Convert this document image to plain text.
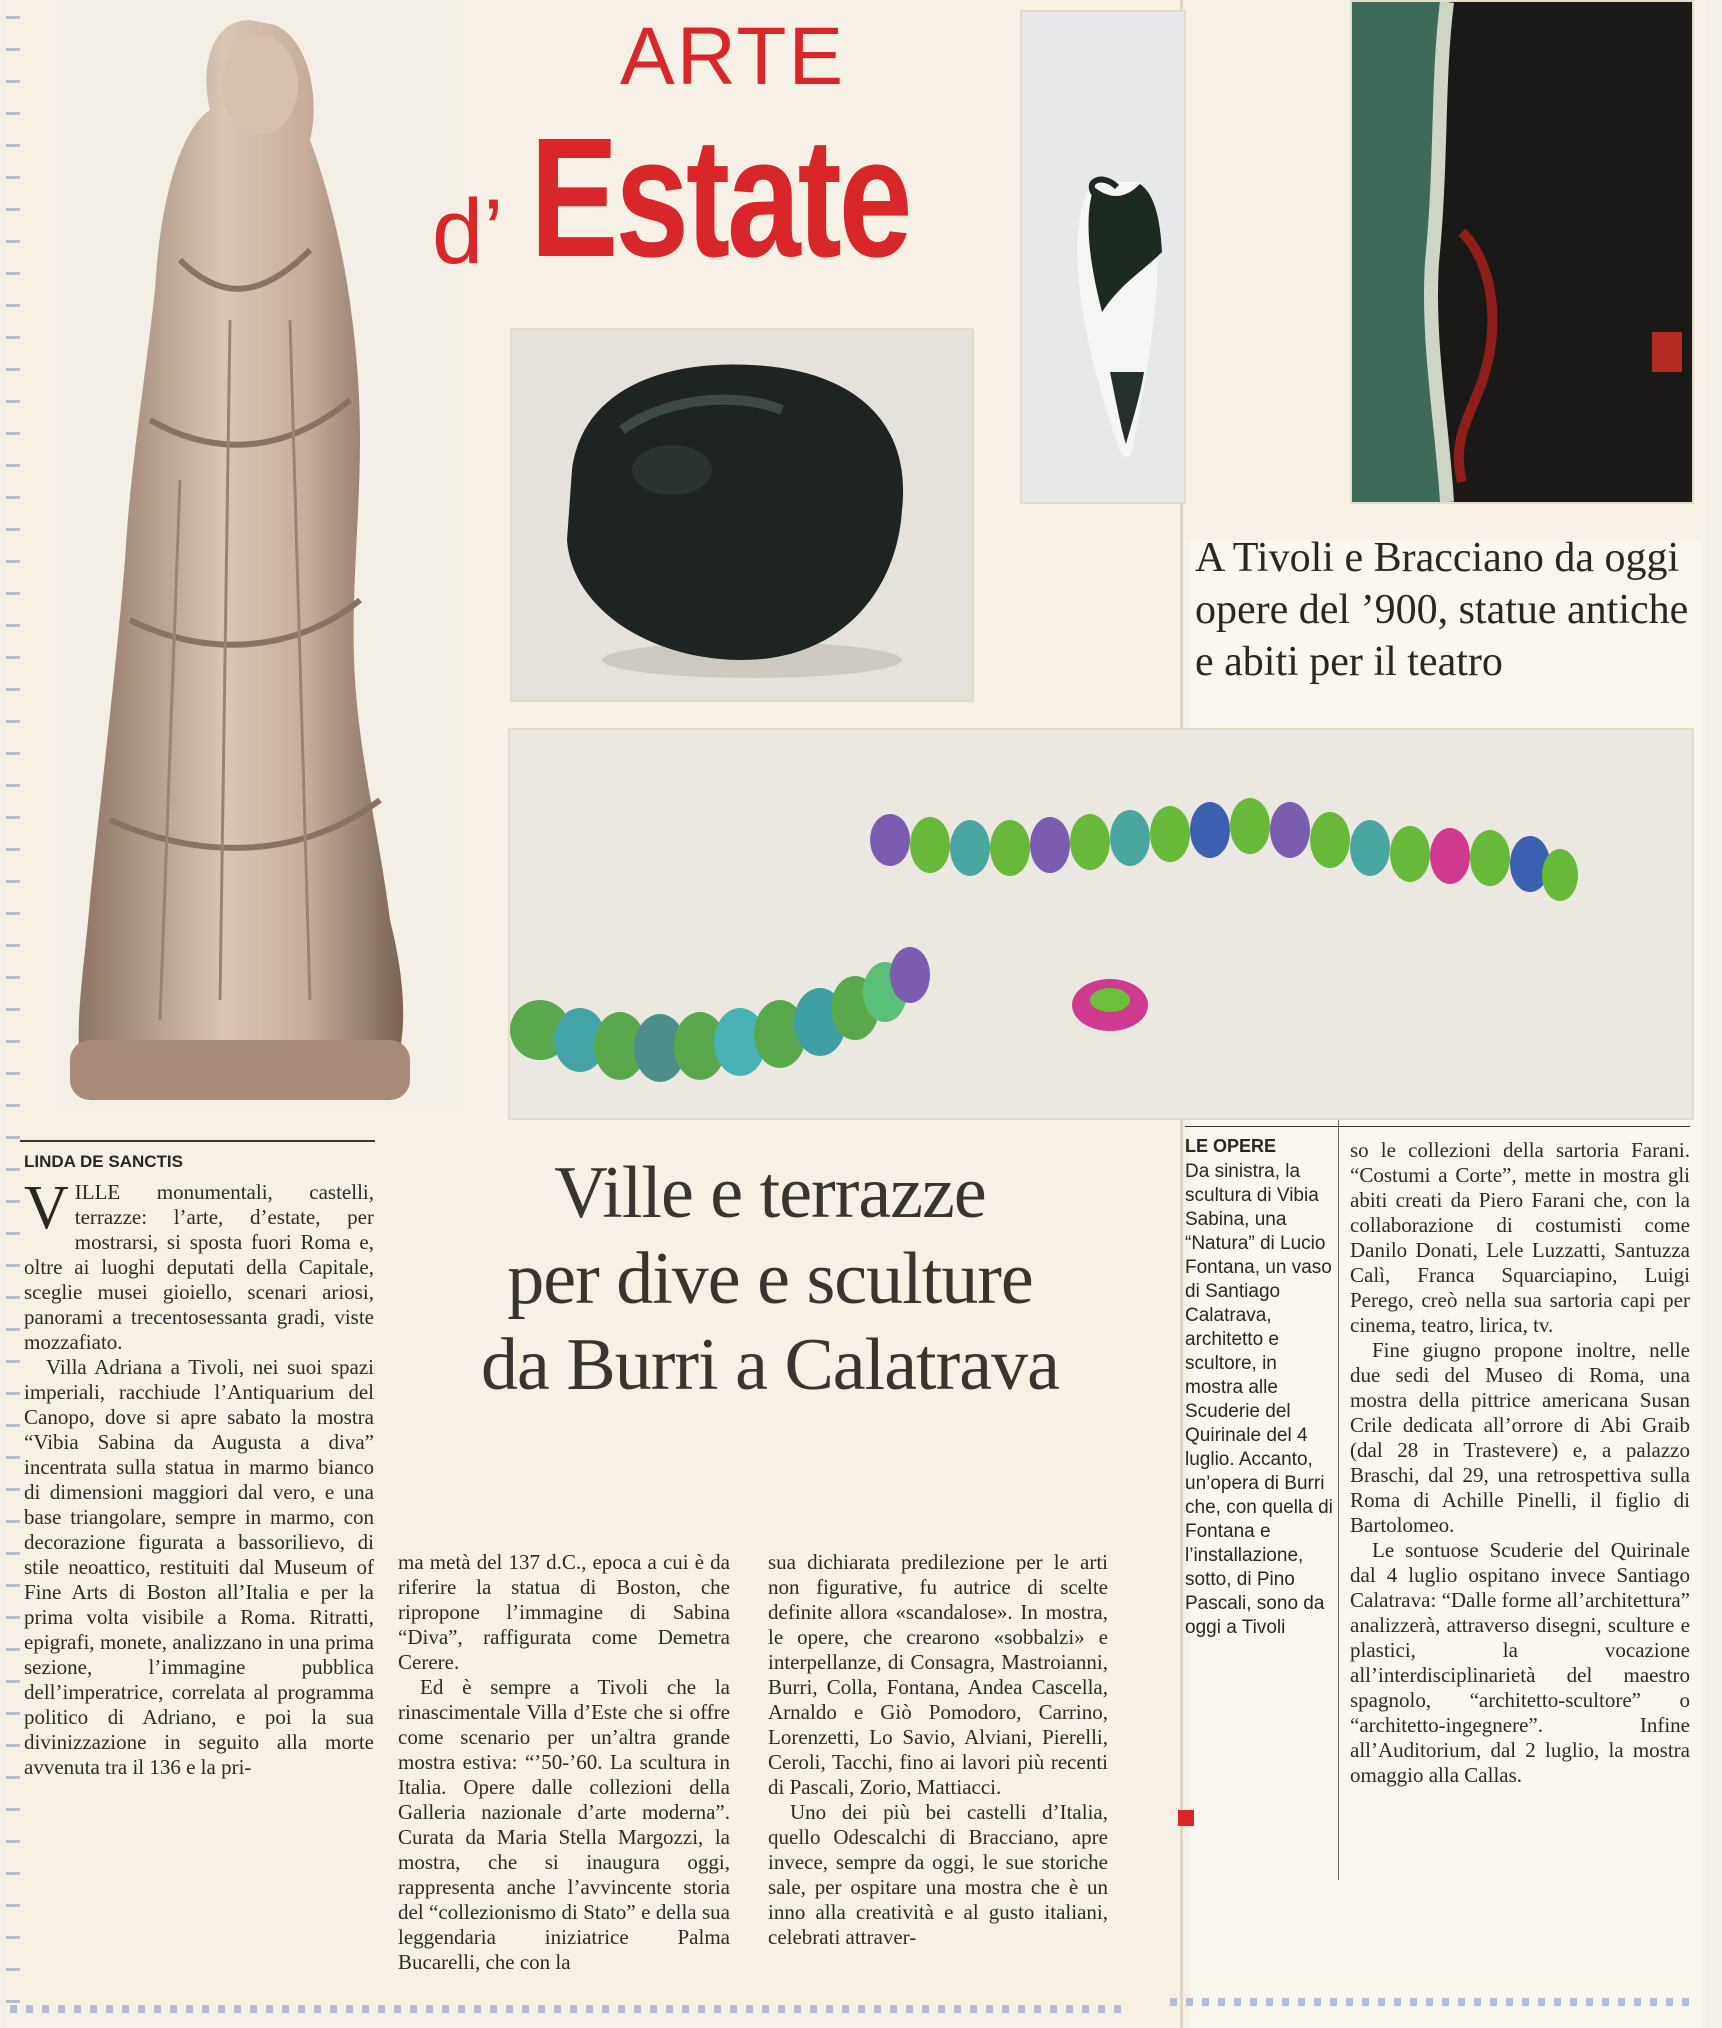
ARTE
Estate
d’
A Tivoli e Bracciano da oggi opere del ’900, statue antiche e abiti per il teatro
LINDA DE SANCTIS	Ville e terrazze
per dive e sculture
da Burri a Calatrava

VILLE monumentali, castelli, terrazze: l’arte, d’estate, per mostrarsi, si sposta fuori Roma e, oltre ai luoghi deputati della Capitale, sceglie musei gioiello, scenari ariosi, panorami a trecentosessanta gradi, viste mozzafiato.

Villa Adriana a Tivoli, nei suoi spazi imperiali, racchiude l’Antiquarium del Canopo, dove si apre sabato la mostra “Vibia Sabina da Augusta a diva” incentrata sulla statua in marmo bianco di dimensioni maggiori dal vero, e una base triangolare, sempre in marmo, con decorazione figurata a bassorilievo, di stile neoattico, restituiti dal Museum of Fine Arts di Boston all’Italia e per la prima volta visibile a Roma. Ritratti, epigrafi, monete, analizzano in una prima sezione, l’immagine pubblica dell’imperatrice, correlata al programma politico di Adriano, e poi la sua divinizzazione in seguito alla morte avvenuta tra il 136 e la pri-

ma metà del 137 d.C., epoca a cui è da riferire la statua di Boston, che ripropone l’immagine di Sabina “Diva”, raffigurata come Demetra Cerere.

Ed è sempre a Tivoli che la rinascimentale Villa d’Este che si offre come scenario per un’altra grande mostra estiva: “’50-’60. La scultura in Italia. Opere dalle collezioni della Galleria nazionale d’arte moderna”. Curata da Maria Stella Margozzi, la mostra, che si inaugura oggi, rappresenta anche l’avvincente storia del “collezionismo di Stato” e della sua leggendaria iniziatrice Palma Bucarelli, che con la

sua dichiarata predilezione per le arti non figurative, fu autrice di scelte definite allora «scandalose». In mostra, le opere, che crearono «sobbalzi» e interpellanze, di Consagra, Mastroianni, Burri, Colla, Fontana, Andea Cascella, Arnaldo e Giò Pomodoro, Carrino, Lorenzetti, Lo Savio, Alviani, Pierelli, Ceroli, Tacchi, fino ai lavori più recenti di Pascali, Zorio, Mattiacci.

Uno dei più bei castelli d’Italia, quello Odescalchi di Bracciano, apre invece, sempre da oggi, le sue storiche sale, per ospitare una mostra che è un inno alla creatività e al gusto italiani, celebrati attraver-

LE OPERE
Da sinistra, la scultura di Vibia Sabina, una “Natura” di Lucio Fontana, un vaso di Santiago Calatrava, architetto e scultore, in mostra alle Scuderie del Quirinale del 4 luglio. Accanto, un’opera di Burri che, con quella di Fontana e l’installazione, sotto, di Pino Pascali, sono da oggi a Tivoli

so le collezioni della sartoria Farani. “Costumi a Corte”, mette in mostra gli abiti creati da Piero Farani che, con la collaborazione di costumisti come Danilo Donati, Lele Luzzatti, Santuzza Calì, Franca Squarciapino, Luigi Perego, creò nella sua sartoria capi per cinema, teatro, lirica, tv.

Fine giugno propone inoltre, nelle due sedi del Museo di Roma, una mostra della pittrice americana Susan Crile dedicata all’orrore di Abi Graib (dal 28 in Trastevere) e, a palazzo Braschi, dal 29, una retrospettiva sulla Roma di Achille Pinelli, il figlio di Bartolomeo.

Le sontuose Scuderie del Quirinale dal 4 luglio ospitano invece Santiago Calatrava: “Dalle forme all’architettura” analizzerà, attraverso disegni, sculture e plastici, la vocazione all’interdisciplinarietà del maestro spagnolo, “architetto-scultore” o “architetto-ingegnere”. Infine all’Auditorium, dal 2 luglio, la mostra omaggio alla Callas.
